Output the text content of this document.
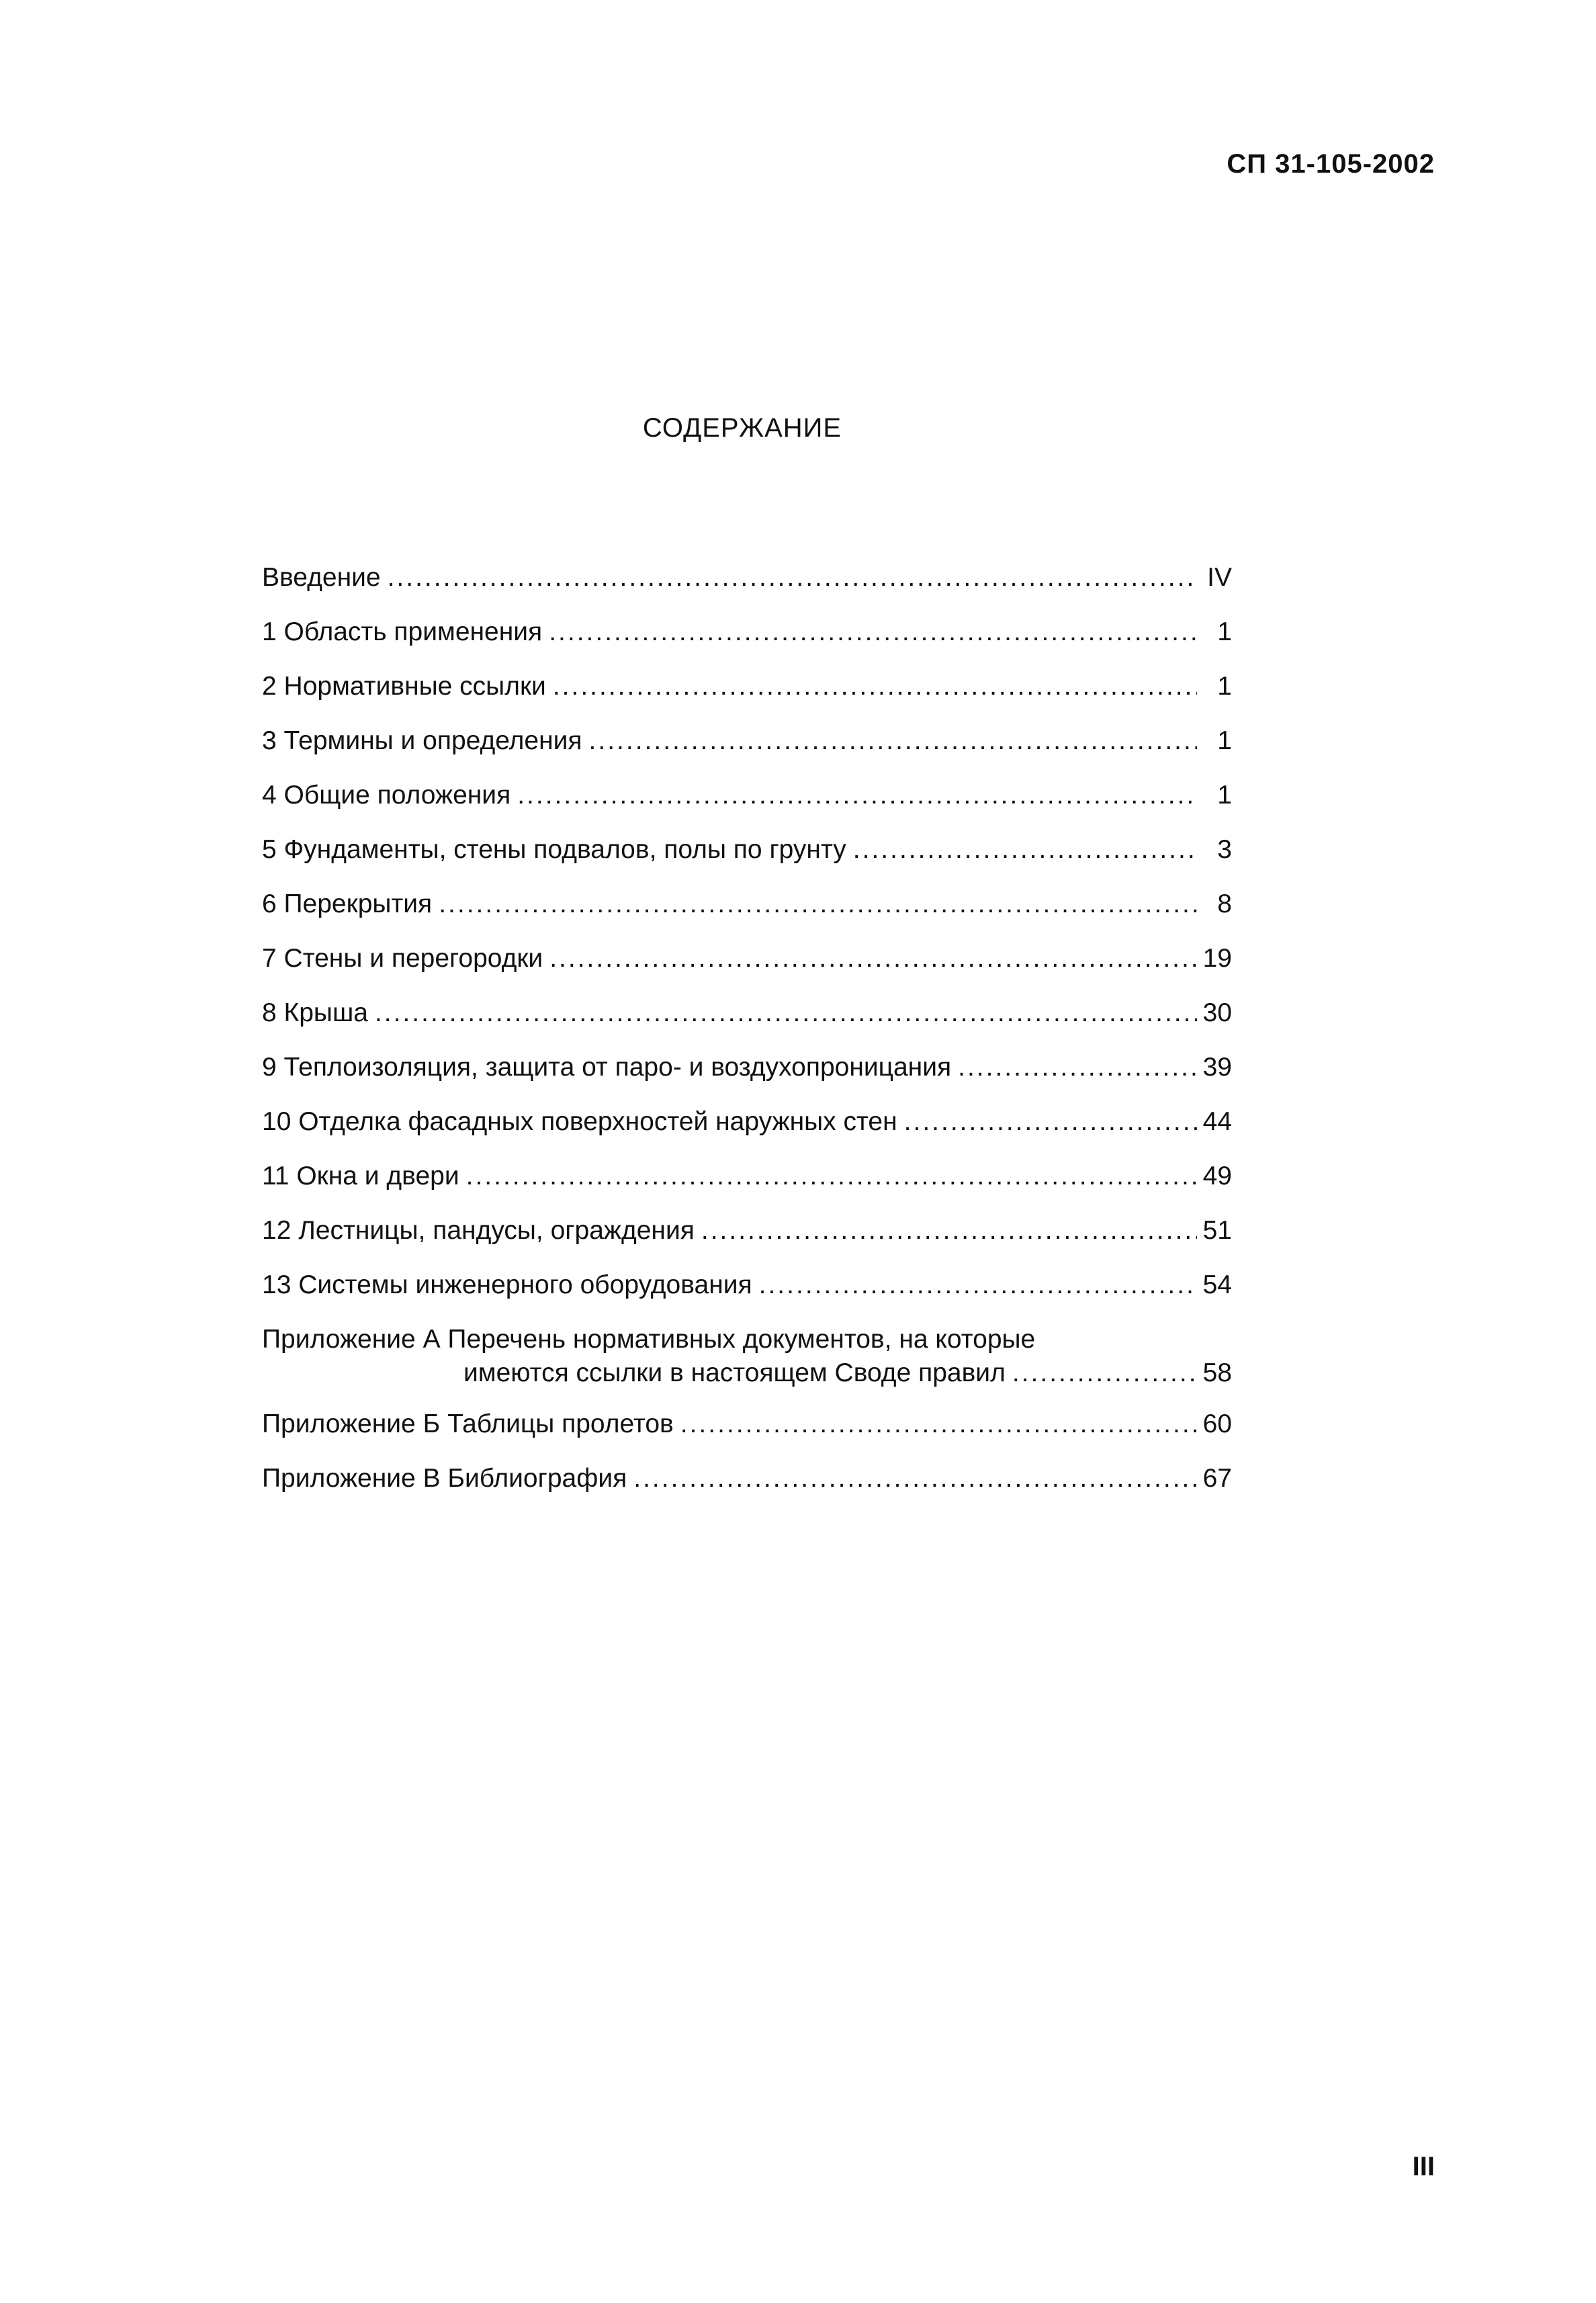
СП 31-105-2002
СОДЕРЖАНИЕ
Введение .....	IV
1 Область применения .....	1
2 Нормативные ссылки .....	1
3 Термины и определения .....	1
4 Общие положения .....	1
5 Фундаменты, стены подвалов, полы по грунту .....	3
6 Перекрытия .....	8
7 Стены и перегородки .....	19
8 Крыша .....	30
9 Теплоизоляция, защита от паро- и воздухопроницания .....	39
10 Отделка фасадных поверхностей наружных стен .....	44
11 Окна и двери .....	49
12 Лестницы, пандусы, ограждения .....	51
13 Системы инженерного оборудования .....	54
Приложение А Перечень нормативных документов, на которые
имеются ссылки в настоящем Своде правил .....	58
Приложение Б Таблицы пролетов .....	60
Приложение В Библиография .....	67
III
